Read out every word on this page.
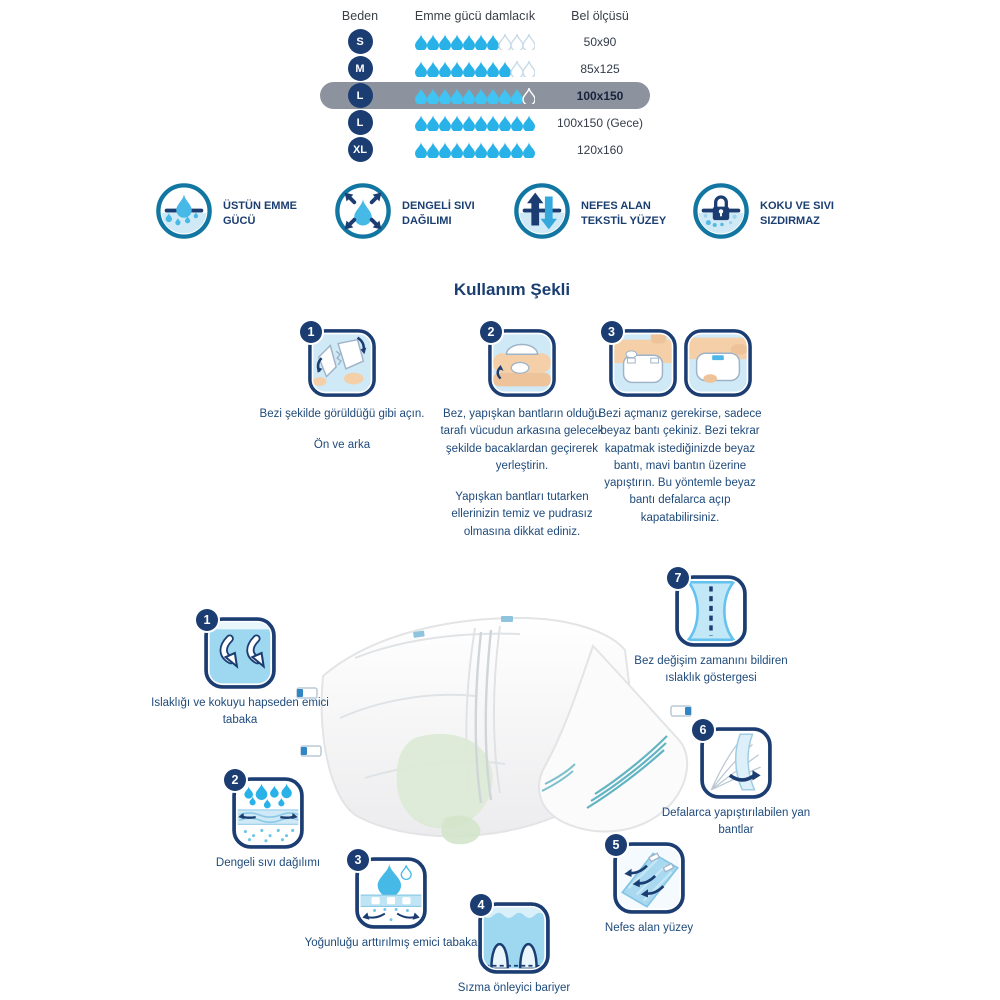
Beden	Emme gücü damlacık	Bel ölçüsü
S	50x90
M	85x125
L	100x150
L	100x150 (Gece)
XL	120x160
ÜSTÜN EMME GÜCÜ
DENGELİ SIVI DAĞILIMI
NEFES ALAN TEKSTİL YÜZEY
KOKU VE SIVI SIZDIRMAZ
Kullanım Şekli
1

Bezi şekilde görüldüğü gibi açın.

Ön ve arka

2

Bez, yapışkan bantların olduğu tarafı vücudun arkasına gelecek şekilde bacaklardan geçirerek yerleştirin.

Yapışkan bantları tutarken ellerinizin temiz ve pudrasız olmasına dikkat ediniz.

3

Bezi açmanız gerekirse, sadece beyaz bantı çekiniz. Bezi tekrar kapatmak istediğinizde beyaz bantı, mavi bantın üzerine yapıştırın. Bu yöntemle beyaz bantı defalarca açıp kapatabilirsiniz.

1
Islaklığı ve kokuyu hapseden emici tabaka
2
Dengeli sıvı dağılımı	3
Yoğunluğu arttırılmış emici tabaka
4
Sızma önleyici bariyer
5
Nefes alan yüzey
6
Defalarca yapıştırılabilen yan bantlar
7
Bez değişim zamanını bildiren ıslaklık göstergesi
